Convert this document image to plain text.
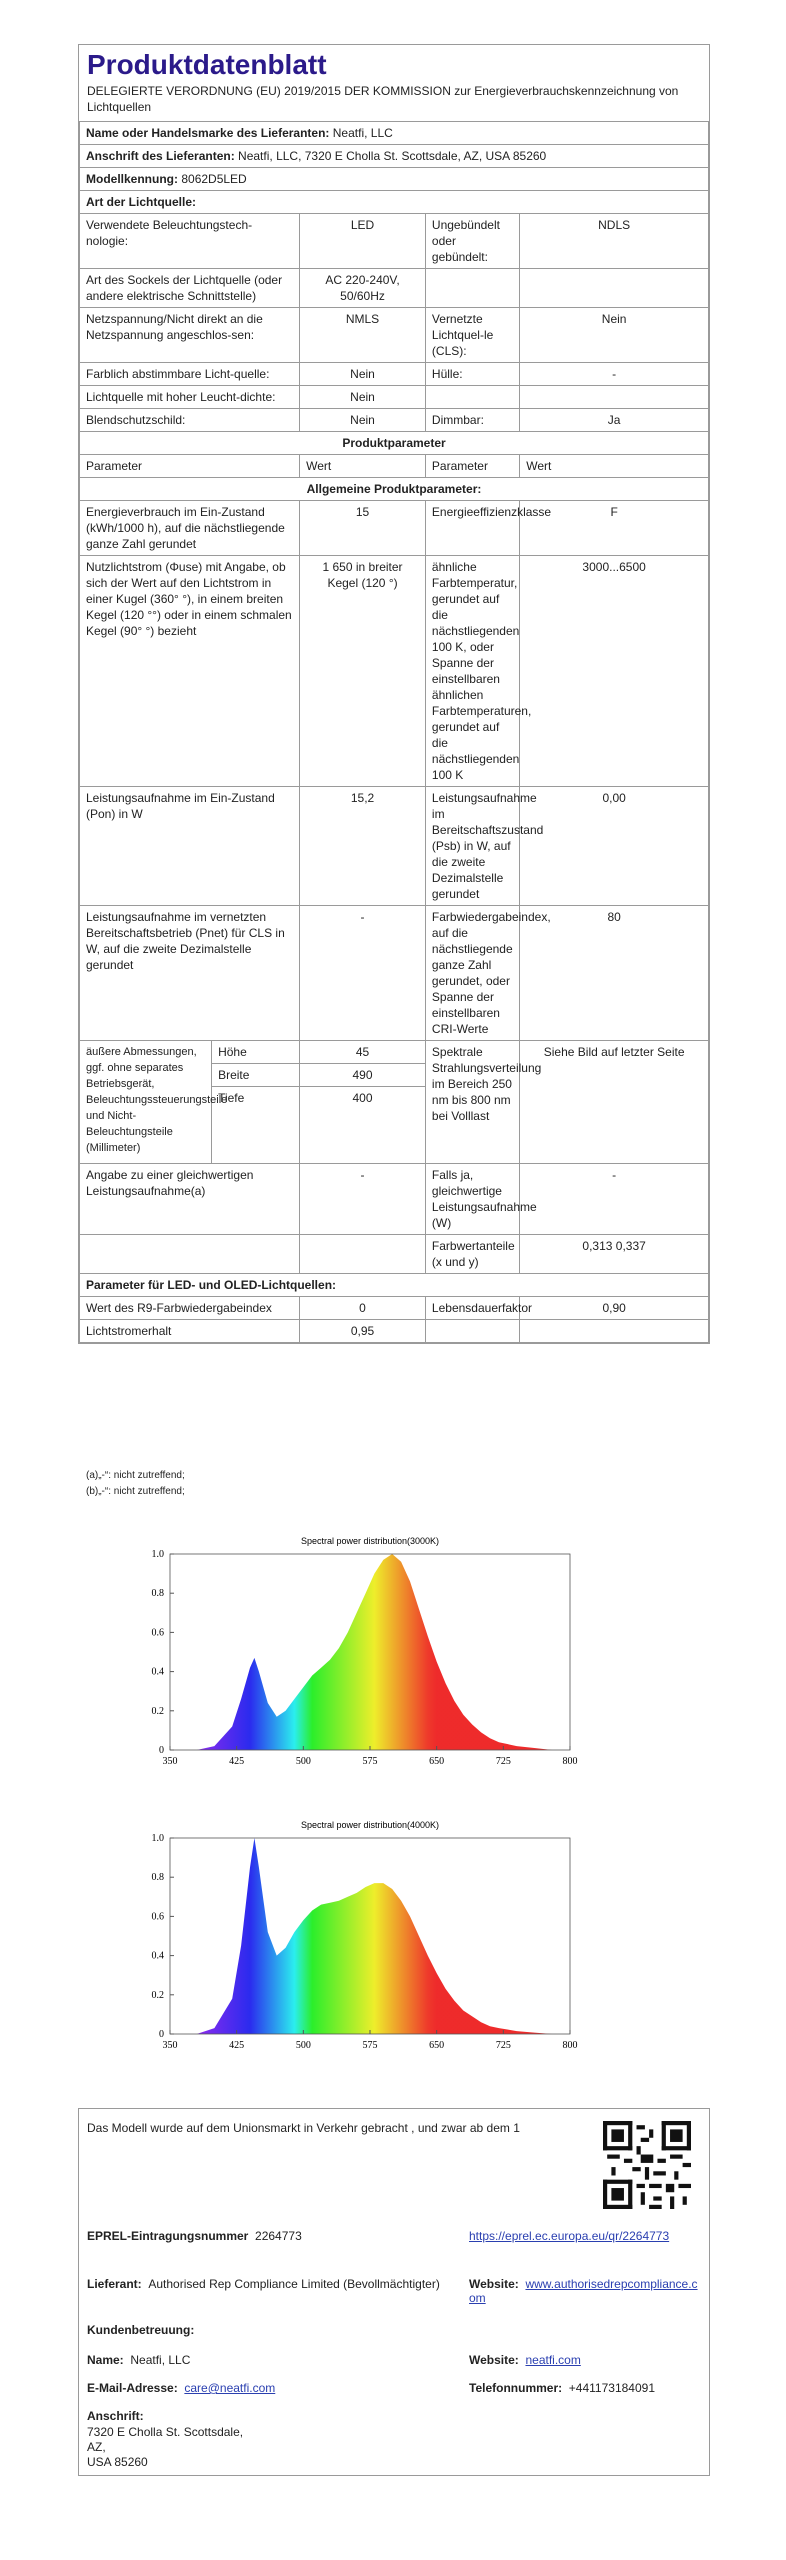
Produktdatenblatt
DELEGIERTE VERORDNUNG (EU) 2019/2015 DER KOMMISSION zur Energieverbrauchskennzeichnung von Lichtquellen
Name oder Handelsmarke des Lieferanten: Neatfi, LLC				
Anschrift des Lieferanten: Neatfi, LLC, 7320 E Cholla St. Scottsdale, AZ, USA 85260				
Modellkennung: 8062D5LED				
Art der Lichtquelle:				
Verwendete Beleuchtungstech-nologie:		LED	Ungebündelt oder gebündelt:	NDLS
Art des Sockels der Lichtquelle (oder andere elektrische Schnittstelle)		AC 220-240V, 50/60Hz		
Netzspannung/Nicht direkt an die Netzspannung angeschlos-sen:		NMLS	Vernetzte Lichtquel-le (CLS):	Nein
Farblich abstimmbare Licht-quelle:		Nein	Hülle:	-
Lichtquelle mit hoher Leucht-dichte:		Nein		
Blendschutzschild:		Nein	Dimmbar:	Ja
Produktparameter				
Parameter		Wert	Parameter	Wert
Allgemeine Produktparameter:				
Energieverbrauch im Ein-Zustand (kWh/1000 h), auf die nächstliegende ganze Zahl gerundet		15	Energieeffizienzklasse	F
Nutzlichtstrom (Φuse) mit Angabe, ob sich der Wert auf den Lichtstrom in einer Kugel (360° °), in einem breiten Kegel (120 °°) oder in einem schmalen Kegel (90° °) bezieht		1 650 in breiter Kegel (120 °)	ähnliche Farbtemperatur, gerundet auf die nächstliegenden 100 K, oder Spanne der einstellbaren ähnlichen Farbtemperaturen, gerundet auf die nächstliegenden 100 K	3000...6500
Leistungsaufnahme im Ein-Zustand (Pon) in W		15,2	Leistungsaufnahme im Bereitschaftszustand (Psb) in W, auf die zweite Dezimalstelle gerundet	0,00
Leistungsaufnahme im vernetzten Bereitschaftsbetrieb (Pnet) für CLS in W, auf die zweite Dezimalstelle gerundet		-	Farbwiedergabeindex, auf die nächstliegende ganze Zahl gerundet, oder Spanne der einstellbaren CRI-Werte	80
äußere Abmessungen, ggf. ohne separates Betriebsgerät, Beleuchtungssteuerungsteile und Nicht-Beleuchtungsteile (Millimeter)	Höhe	45	Spektrale Strahlungsverteilung im Bereich 250 nm bis 800 nm bei Volllast	Siehe Bild auf letzter Seite
	Breite	490		
	Tiefe	400		
Angabe zu einer gleichwertigen Leistungsaufnahme(a)		-	Falls ja, gleichwertige Leistungsaufnahme (W)	-
			Farbwertanteile (x und y)	0,313 0,337
Parameter für LED- und OLED-Lichtquellen:				
Wert des R9-Farbwiedergabeindex		0	Lebensdauerfaktor	0,90
Lichtstromerhalt		0,95		
(a)„-“: nicht zutreffend;
(b)„-“: nicht zutreffend;
Spectral power distribution(3000K)
350	425	500	575	650	725	800
0
0.2
0.4
0.6
0.8
1.0
Spectral power distribution(4000K)
350	425	500	575	650	725	800
0
0.2
0.4
0.6
0.8
1.0
Das Modell wurde auf dem Unionsmarkt in Verkehr gebracht , und zwar ab dem 1
EPREL-Eintragungsnummer 2264773	https://eprel.ec.europa.eu/qr/2264773
Lieferant: Authorised Rep Compliance Limited (Bevollmächtigter)	Website: www.authorisedrepcompliance.com
Kundenbetreuung:
Name: Neatfi, LLC	Website: neatfi.com
E-Mail-Adresse: care@neatfi.com	Telefonnummer: +441173184091
Anschrift:
7320 E Cholla St. Scottsdale,
AZ,
USA 85260
